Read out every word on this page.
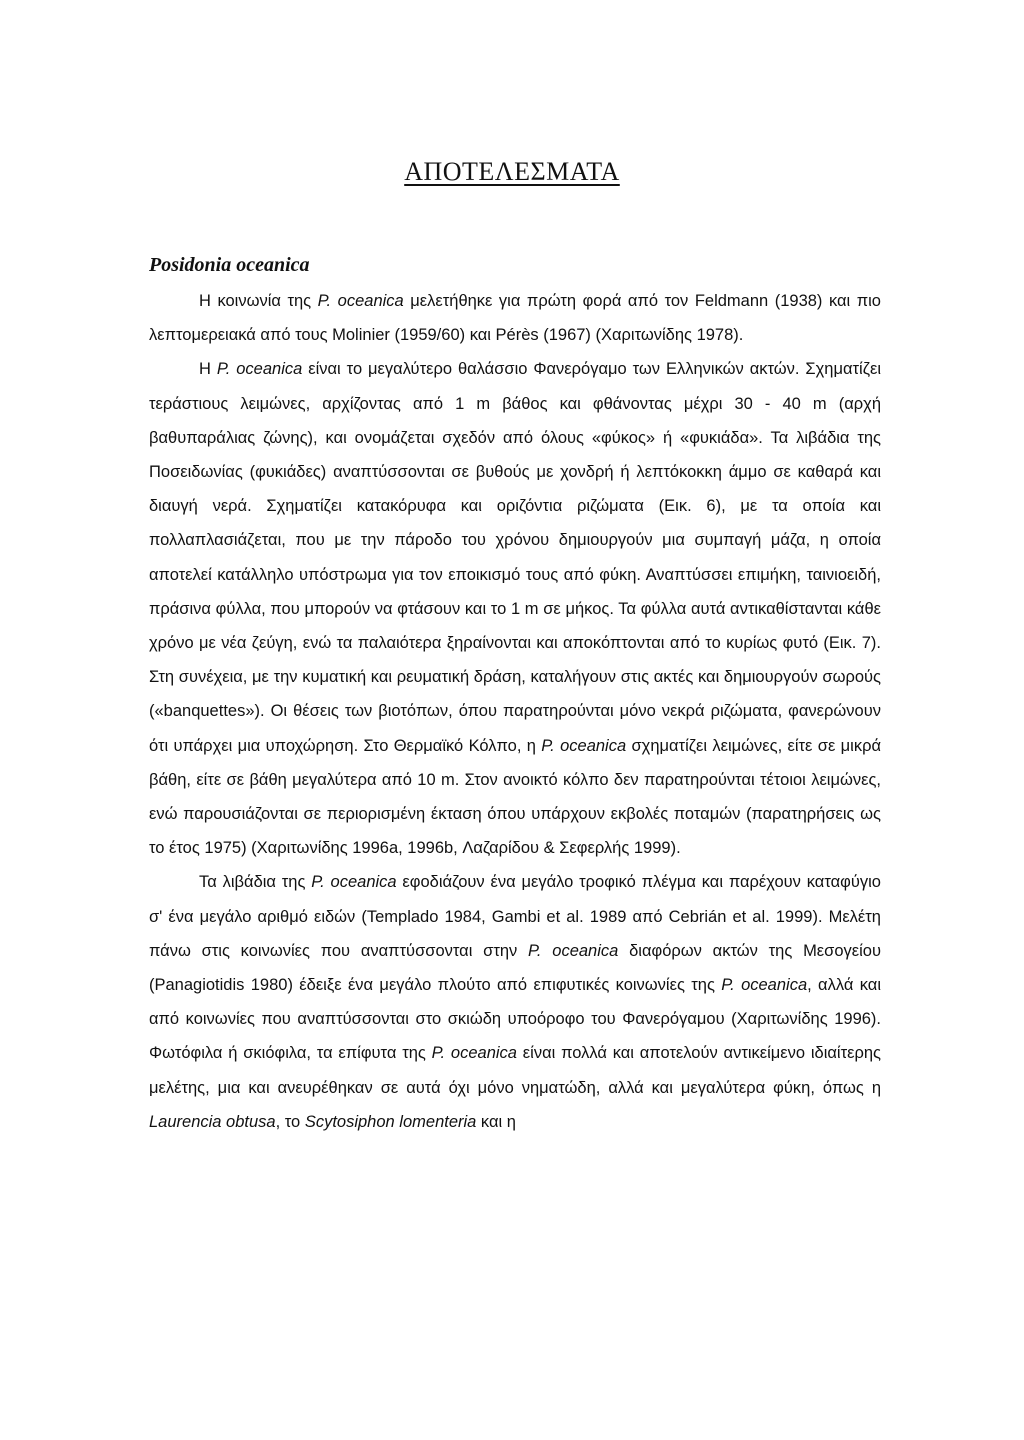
ΑΠΟΤΕΛΕΣΜΑΤΑ
Posidonia oceanica

Η κοινωνία της P. oceanica μελετήθηκε για πρώτη φορά από τον Feldmann (1938) και πιο λεπτομερειακά από τους Molinier (1959/60) και Pérès (1967) (Χαριτωνίδης 1978).

Η P. oceanica είναι το μεγαλύτερο θαλάσσιο Φανερόγαμο των Ελληνικών ακτών. Σχηματίζει τεράστιους λειμώνες, αρχίζοντας από 1 m βάθος και φθάνοντας μέχρι 30 - 40 m (αρχή βαθυπαράλιας ζώνης), και ονομάζεται σχεδόν από όλους «φύκος» ή «φυκιάδα». Τα λιβάδια της Ποσειδωνίας (φυκιάδες) αναπτύσσονται σε βυθούς με χονδρή ή λεπτόκοκκη άμμο σε καθαρά και διαυγή νερά. Σχηματίζει κατακόρυφα και οριζόντια ριζώματα (Εικ. 6), με τα οποία και πολλαπλασιάζεται, που με την πάροδο του χρόνου δημιουργούν μια συμπαγή μάζα, η οποία αποτελεί κατάλληλο υπόστρωμα για τον εποικισμό τους από φύκη. Αναπτύσσει επιμήκη, ταινιοειδή, πράσινα φύλλα, που μπορούν να φτάσουν και το 1 m σε μήκος. Τα φύλλα αυτά αντικαθίστανται κάθε χρόνο με νέα ζεύγη, ενώ τα παλαιότερα ξηραίνονται και αποκόπτονται από το κυρίως φυτό (Εικ. 7). Στη συνέχεια, με την κυματική και ρευματική δράση, καταλήγουν στις ακτές και δημιουργούν σωρούς («banquettes»). Οι θέσεις των βιοτόπων, όπου παρατηρούνται μόνο νεκρά ριζώματα, φανερώνουν ότι υπάρχει μια υποχώρηση. Στο Θερμαϊκό Κόλπο, η P. oceanica σχηματίζει λειμώνες, είτε σε μικρά βάθη, είτε σε βάθη μεγαλύτερα από 10 m. Στον ανοικτό κόλπο δεν παρατηρούνται τέτοιοι λειμώνες, ενώ παρουσιάζονται σε περιορισμένη έκταση όπου υπάρχουν εκβολές ποταμών (παρατηρήσεις ως το έτος 1975) (Χαριτωνίδης 1996a, 1996b, Λαζαρίδου & Σεφερλής 1999).

Τα λιβάδια της P. oceanica εφοδιάζουν ένα μεγάλο τροφικό πλέγμα και παρέχουν καταφύγιο σ' ένα μεγάλο αριθμό ειδών (Templado 1984, Gambi et al. 1989 από Cebrián et al. 1999). Μελέτη πάνω στις κοινωνίες που αναπτύσσονται στην P. oceanica διαφόρων ακτών της Μεσογείου (Panagiotidis 1980) έδειξε ένα μεγάλο πλούτο από επιφυτικές κοινωνίες της P. oceanica, αλλά και από κοινωνίες που αναπτύσσονται στο σκιώδη υποόροφο του Φανερόγαμου (Χαριτωνίδης 1996). Φωτόφιλα ή σκιόφιλα, τα επίφυτα της P. oceanica είναι πολλά και αποτελούν αντικείμενο ιδιαίτερης μελέτης, μια και ανευρέθηκαν σε αυτά όχι μόνο νηματώδη, αλλά και μεγαλύτερα φύκη, όπως η Laurencia obtusa, το Scytosiphon lomenteria και η
